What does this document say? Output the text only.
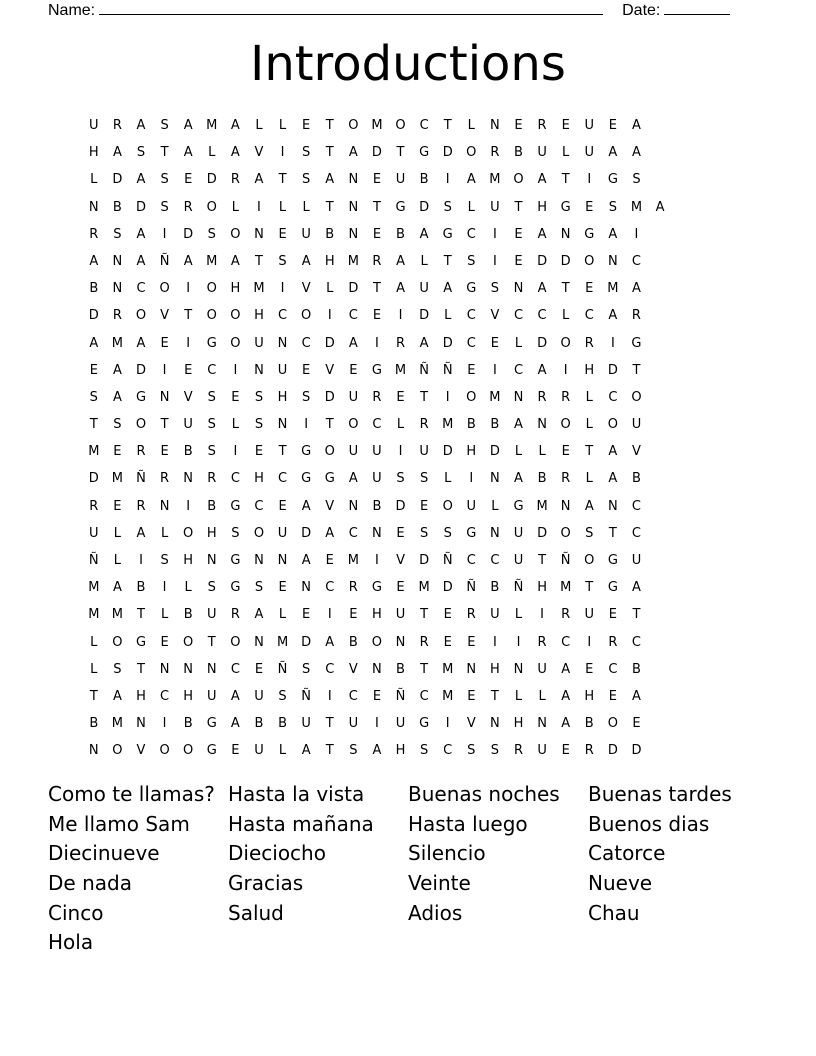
Name:	Date:
Introductions
U	R	A	S	A	M	A	L	L	E	T	O M O	C	T	L	N	E	R	E	U	E	A
H	A	S	T	A	L	A	V	I	S	T	A	D	T	G	D	O	R	B	U	L	U	A	A
L	D	A	S	E	D	R	A	T	S	A	N	E	U	B	I	A	M O	A	T	I	G	S
N	B	D	S	R	O	L	I	L	L	T	N	T	G	D	S	L	U	T	H	G	E	S	M	A
R	S	A	I	D	S	O	N	E	U	B	N	E	B	A	G	C	I	E	A	N	G	A	I
A	N	A	Ñ	A	M	A	T	S	A	H	M	R	A	L	T	S	I	E	D	D	O	N	C
B	N	C	O	I	O	H	M	I	V	L	D	T	A	U	A	G	S	N	A	T	E	M	A
D	R	O	V	T	O	O	H	C	O	I	C	E	I	D	L	C	V	C	C	L	C	A	R
A	M	A	E	I	G	O	U	N	C	D	A	I	R	A	D	C	E	L	D	O	R	I	G
E	A	D	I	E	C	I	N	U	E	V	E	G M	Ñ	Ñ	E	I	C	A	I	H	D	T
S	A	G	N	V	S	E	S	H	S	D	U	R	E	T	I	O M	N	R	R	L	C	O
T	S	O	T	U	S	L	S	N	I	T	O	C	L	R	M	B	B	A	N	O	L	O	U
M	E	R	E	B	S	I	E	T	G	O	U	U	I	U	D	H	D	L	L	E	T	A	V
D M	Ñ	R	N	R	C	H	C	G	G	A	U	S	S	L	I	N	A	B	R	L	A	B
R	E	R	N	I	B	G	C	E	A	V	N	B	D	E	O	U	L	G M	N	A	N	C
U	L	A	L	O	H	S	O	U	D	A	C	N	E	S	S	G	N	U	D	O	S	T	C
Ñ	L	I	S	H	N	G	N	N	A	E	M	I	V	D	Ñ	C	C	U	T	Ñ	O	G	U
M	A	B	I	L	S	G	S	E	N	C	R	G	E	M D	Ñ	B	Ñ	H	M	T	G	A
M M	T	L	B	U	R	A	L	E	I	E	H	U	T	E	R	U	L	I	R	U	E	T
L	O	G	E	O	T	O	N	M D	A	B	O	N	R	E	E	I	I	R	C	I	R	C
L	S	T	N	N	N	C	E	Ñ	S	C	V	N	B	T	M	N	H	N	U	A	E	C	B
T	A	H	C	H	U	A	U	S	Ñ	I	C	E	Ñ	C	M	E	T	L	L	A	H	E	A
B	M	N	I	B	G	A	B	B	U	T	U	I	U	G	I	V	N	H	N	A	B	O	E
N	O	V	O	O	G	E	U	L	A	T	S	A	H	S	C	S	S	R	U	E	R	D	D
Como te llamas? Hasta la vista	Buenas noches	Buenas tardes
Me llamo Sam	Hasta mañana	Hasta luego	Buenos dias
Diecinueve	Dieciocho	Silencio	Catorce
De nada	Gracias	Veinte	Nueve
Cinco	Salud	Adios	Chau
Hola
